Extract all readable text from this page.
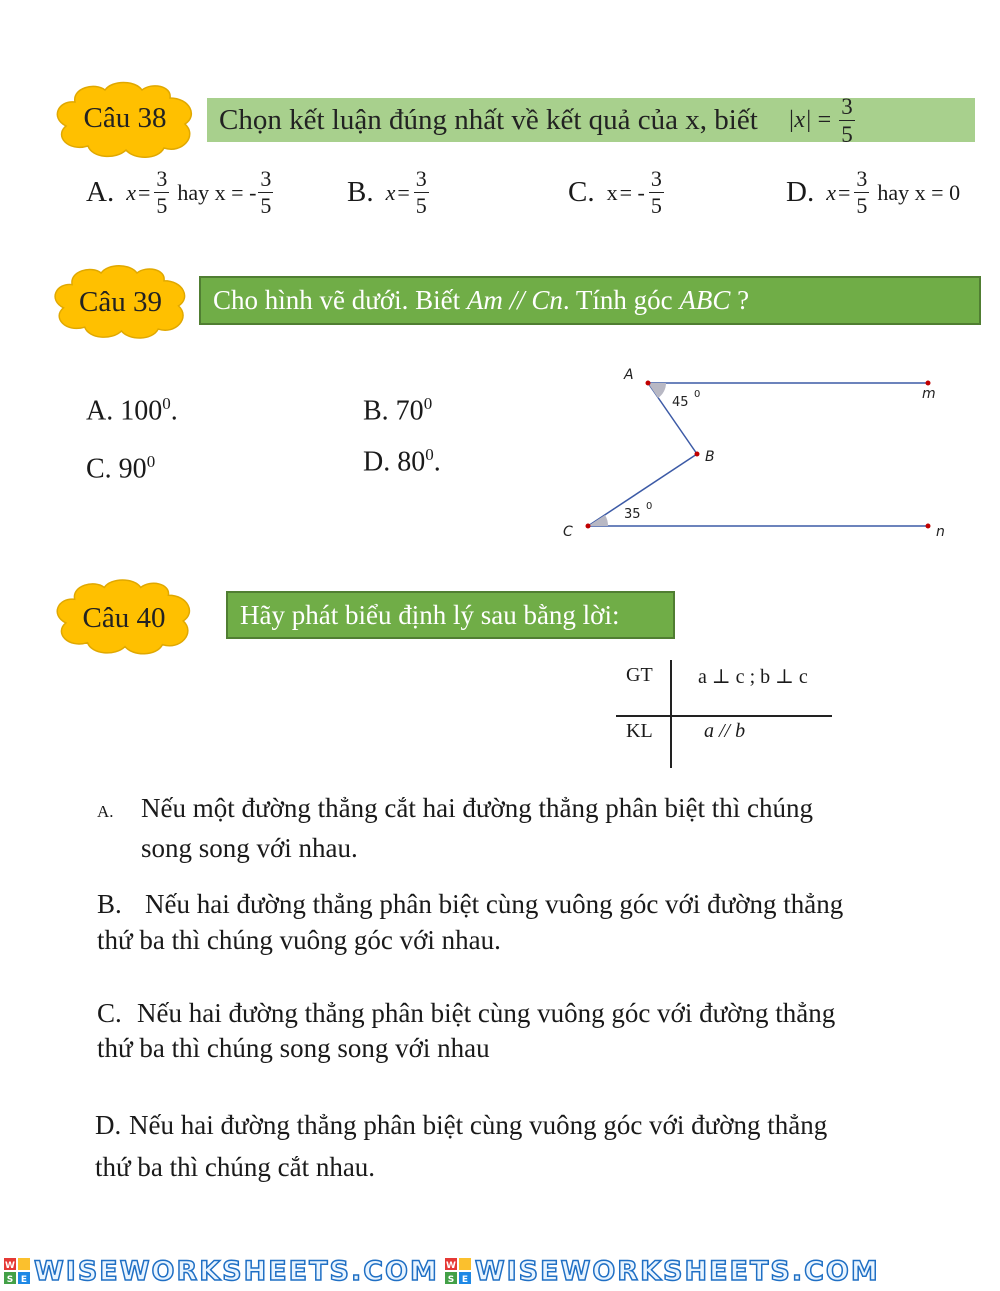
Câu 38	Chọn kết luận đúng nhất về kết quả của x, biết $|x| = \frac{3}{5}$
A. $x = \frac{3}{5}$ hay x = - $\frac{3}{5}$	B. $x = \frac{3}{5}$	C. x = - $\frac{3}{5}$	D. $x = \frac{3}{5}$ hay x = 0
Câu 39	Cho hình vẽ dưới. Biết Am // Cn . Tính góc ABC ?
A. $100^0$.	B. $70^0$
C. $90^0$	D. $80^0$.
A
m
B
C	n
45
0
35
0
Câu 40	Hãy phát biểu định lý sau bằng lời:
GT a ⊥ c ; b ⊥ c
KL	a // b
A. Nếu một đường thẳng cắt hai đường thẳng phân biệt thì chúng
song song với nhau.
B. Nếu hai đường thẳng phân biệt cùng vuông góc với đường thẳng
thứ ba thì chúng vuông góc với nhau.
C. Nếu hai đường thẳng phân biệt cùng vuông góc với đường thẳng
thứ ba thì chúng song song với nhau
D. Nếu hai đường thẳng phân biệt cùng vuông góc với đường thẳng
thứ ba thì chúng cắt nhau.
W
S E WISEWORKSHEETS.COM W
S E WISEWORKSHEETS.COM
